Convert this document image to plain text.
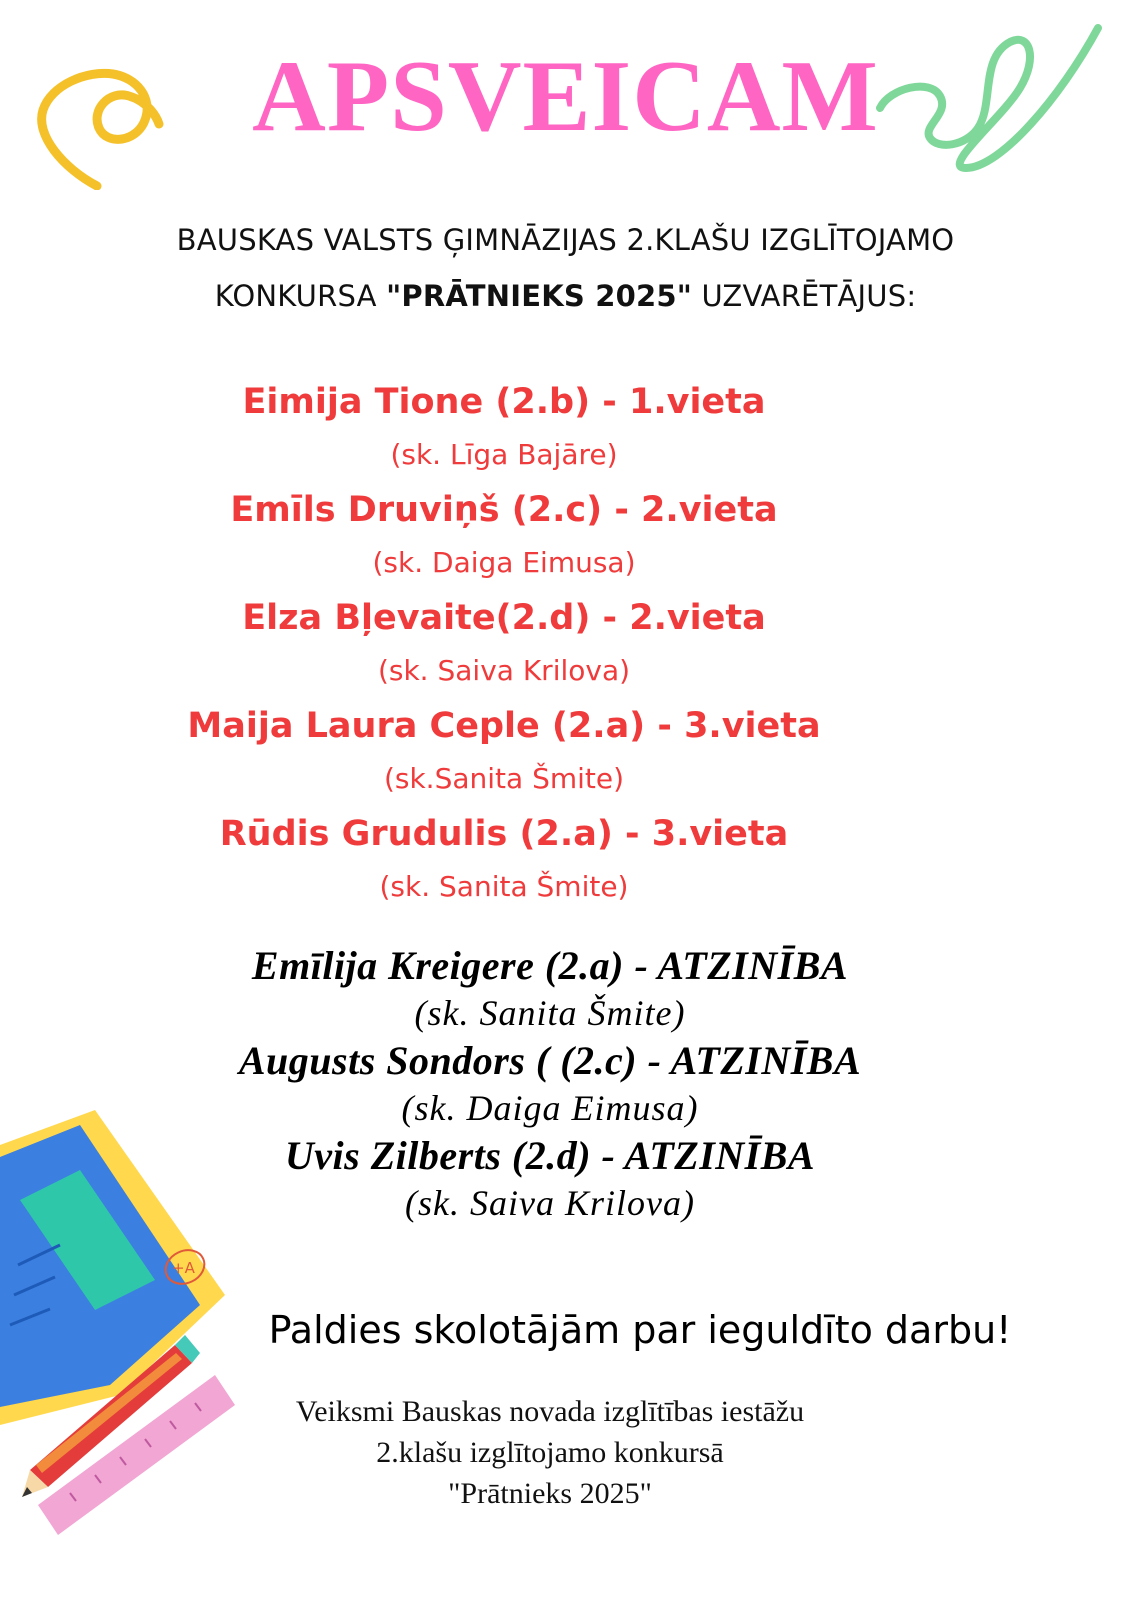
APSVEICAM
BAUSKAS VALSTS ĢIMNĀZIJAS 2.KLAŠU IZGLĪTOJAMO
KONKURSA "PRĀTNIEKS 2025" UZVARĒTĀJUS:
Eimija Tione (2.b) - 1.vieta
(sk. Līga Bajāre)
Emīls Druviņš (2.c) - 2.vieta
(sk. Daiga Eimusa)
Elza Bļevaite(2.d) - 2.vieta
(sk. Saiva Krilova)
Maija Laura Ceple (2.a) - 3.vieta
(sk.Sanita Šmite)
Rūdis Grudulis (2.a) - 3.vieta
(sk. Sanita Šmite)
Emīlija Kreigere (2.a) - ATZINĪBA
(sk. Sanita Šmite)
Augusts Sondors ( (2.c) - ATZINĪBA
(sk. Daiga Eimusa)
Uvis Zilberts (2.d) - ATZINĪBA
(sk. Saiva Krilova)
+A
Paldies skolotājām par ieguldīto darbu!
Veiksmi Bauskas novada izglītības iestāžu
2.klašu izglītojamo konkursā
"Prātnieks 2025"
